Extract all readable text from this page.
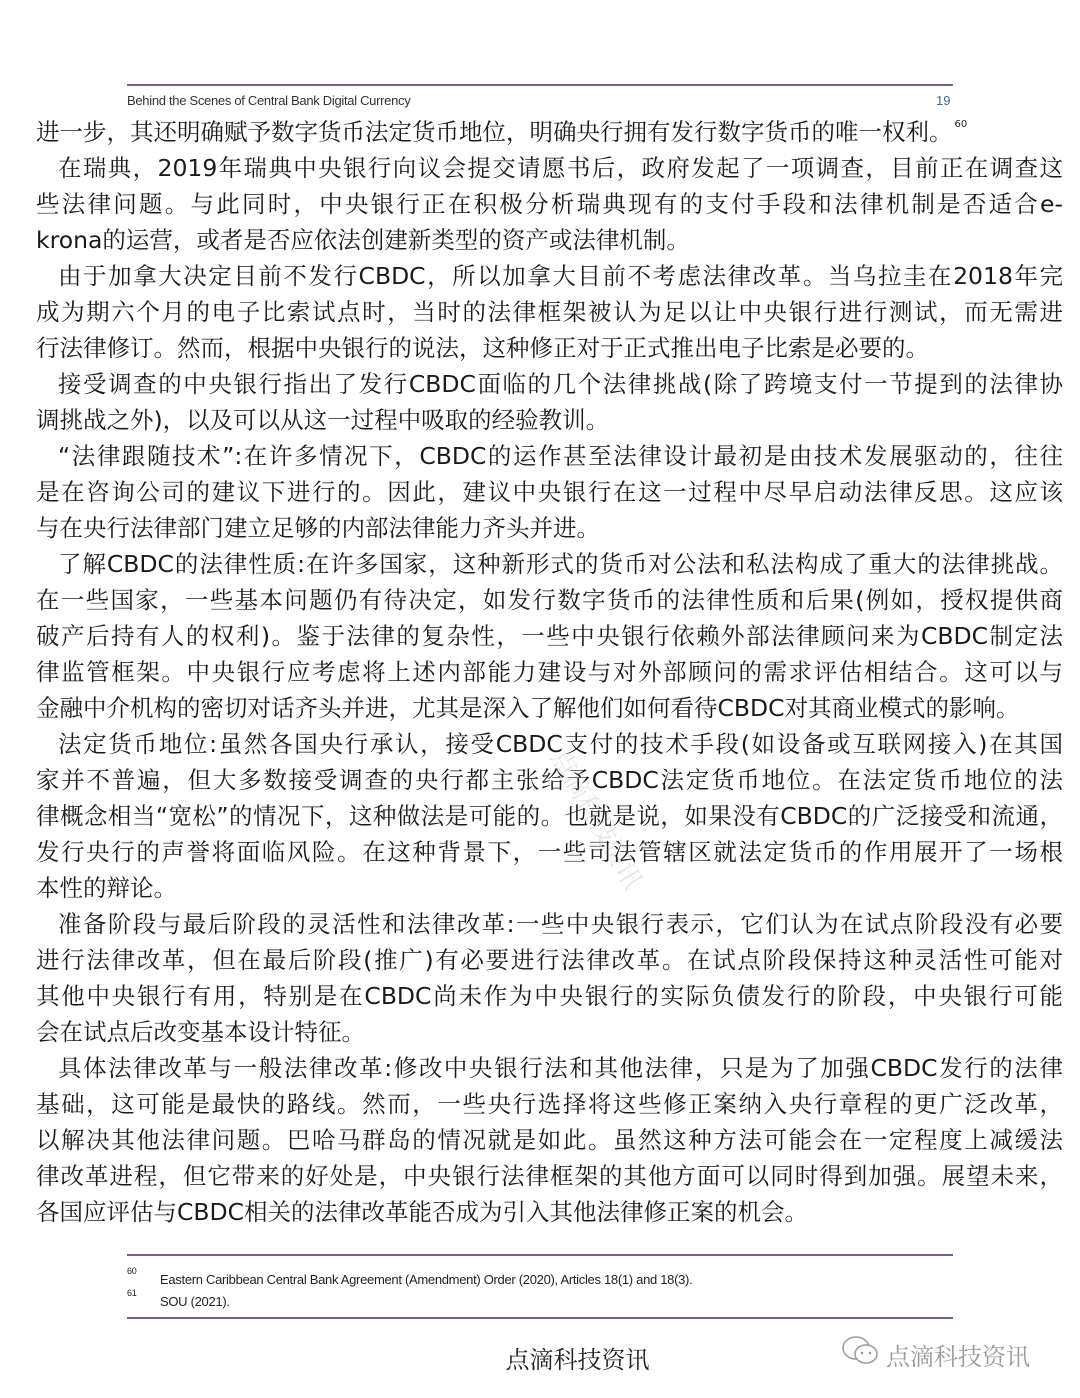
Behind the Scenes of Central Bank Digital Currency	19
进一步，其还明确赋予数字货币法定货币地位，明确央行拥有发行数字货币的唯一权利。 $^{60}$
在瑞典，2019年瑞典中央银行向议会提交请愿书后，政府发起了一项调查，目前正在调查这
些法律问题。与此同时，中央银行正在积极分析瑞典现有的支付手段和法律机制是否适合e-
krona的运营，或者是否应依法创建新类型的资产或法律机制。
由于加拿大决定目前不发行CBDC，所以加拿大目前不考虑法律改革。当乌拉圭在2018年完
成为期六个月的电子比索试点时，当时的法律框架被认为足以让中央银行进行测试，而无需进
行法律修订。然而，根据中央银行的说法，这种修正对于正式推出电子比索是必要的。
接受调查的中央银行指出了发行CBDC面临的几个法律挑战(除了跨境支付一节提到的法律协
调挑战之外)，以及可以从这一过程中吸取的经验教训。
“法律跟随技术”:在许多情况下，CBDC的运作甚至法律设计最初是由技术发展驱动的，往往
是在咨询公司的建议下进行的。因此，建议中央银行在这一过程中尽早启动法律反思。这应该
与在央行法律部门建立足够的内部法律能力齐头并进。
了解CBDC的法律性质:在许多国家，这种新形式的货币对公法和私法构成了重大的法律挑战。
在一些国家，一些基本问题仍有待决定，如发行数字货币的法律性质和后果(例如，授权提供商
破产后持有人的权利)。鉴于法律的复杂性，一些中央银行依赖外部法律顾问来为CBDC制定法
律监管框架。中央银行应考虑将上述内部能力建设与对外部顾问的需求评估相结合。这可以与
金融中介机构的密切对话齐头并进，尤其是深入了解他们如何看待CBDC对其商业模式的影响。
法定货币地位:虽然各国央行承认，接受CBDC支付的技术手段(如设备或互联网接入)在其国
家并不普遍，但大多数接受调查的央行都主张给予CBDC法定货币地位。在法定货币地位的法
律概念相当“宽松”的情况下，这种做法是可能的。也就是说，如果没有CBDC的广泛接受和流通，
发行央行的声誉将面临风险。在这种背景下，一些司法管辖区就法定货币的作用展开了一场根
本性的辩论。
准备阶段与最后阶段的灵活性和法律改革:一些中央银行表示，它们认为在试点阶段没有必要
进行法律改革，但在最后阶段(推广)有必要进行法律改革。在试点阶段保持这种灵活性可能对
其他中央银行有用，特别是在CBDC尚未作为中央银行的实际负债发行的阶段，中央银行可能
会在试点后改变基本设计特征。
具体法律改革与一般法律改革:修改中央银行法和其他法律，只是为了加强CBDC发行的法律
基础，这可能是最快的路线。然而，一些央行选择将这些修正案纳入央行章程的更广泛改革，
以解决其他法律问题。巴哈马群岛的情况就是如此。虽然这种方法可能会在一定程度上减缓法
律改革进程，但它带来的好处是，中央银行法律框架的其他方面可以同时得到加强。展望未来，
各国应评估与CBDC相关的法律改革能否成为引入其他法律修正案的机会。
点滴科技资讯
60
Eastern Caribbean Central Bank Agreement (Amendment) Order (2020), Articles 18(1) and 18(3).
61
SOU (2021).
点滴科技资讯	点滴科技资讯
